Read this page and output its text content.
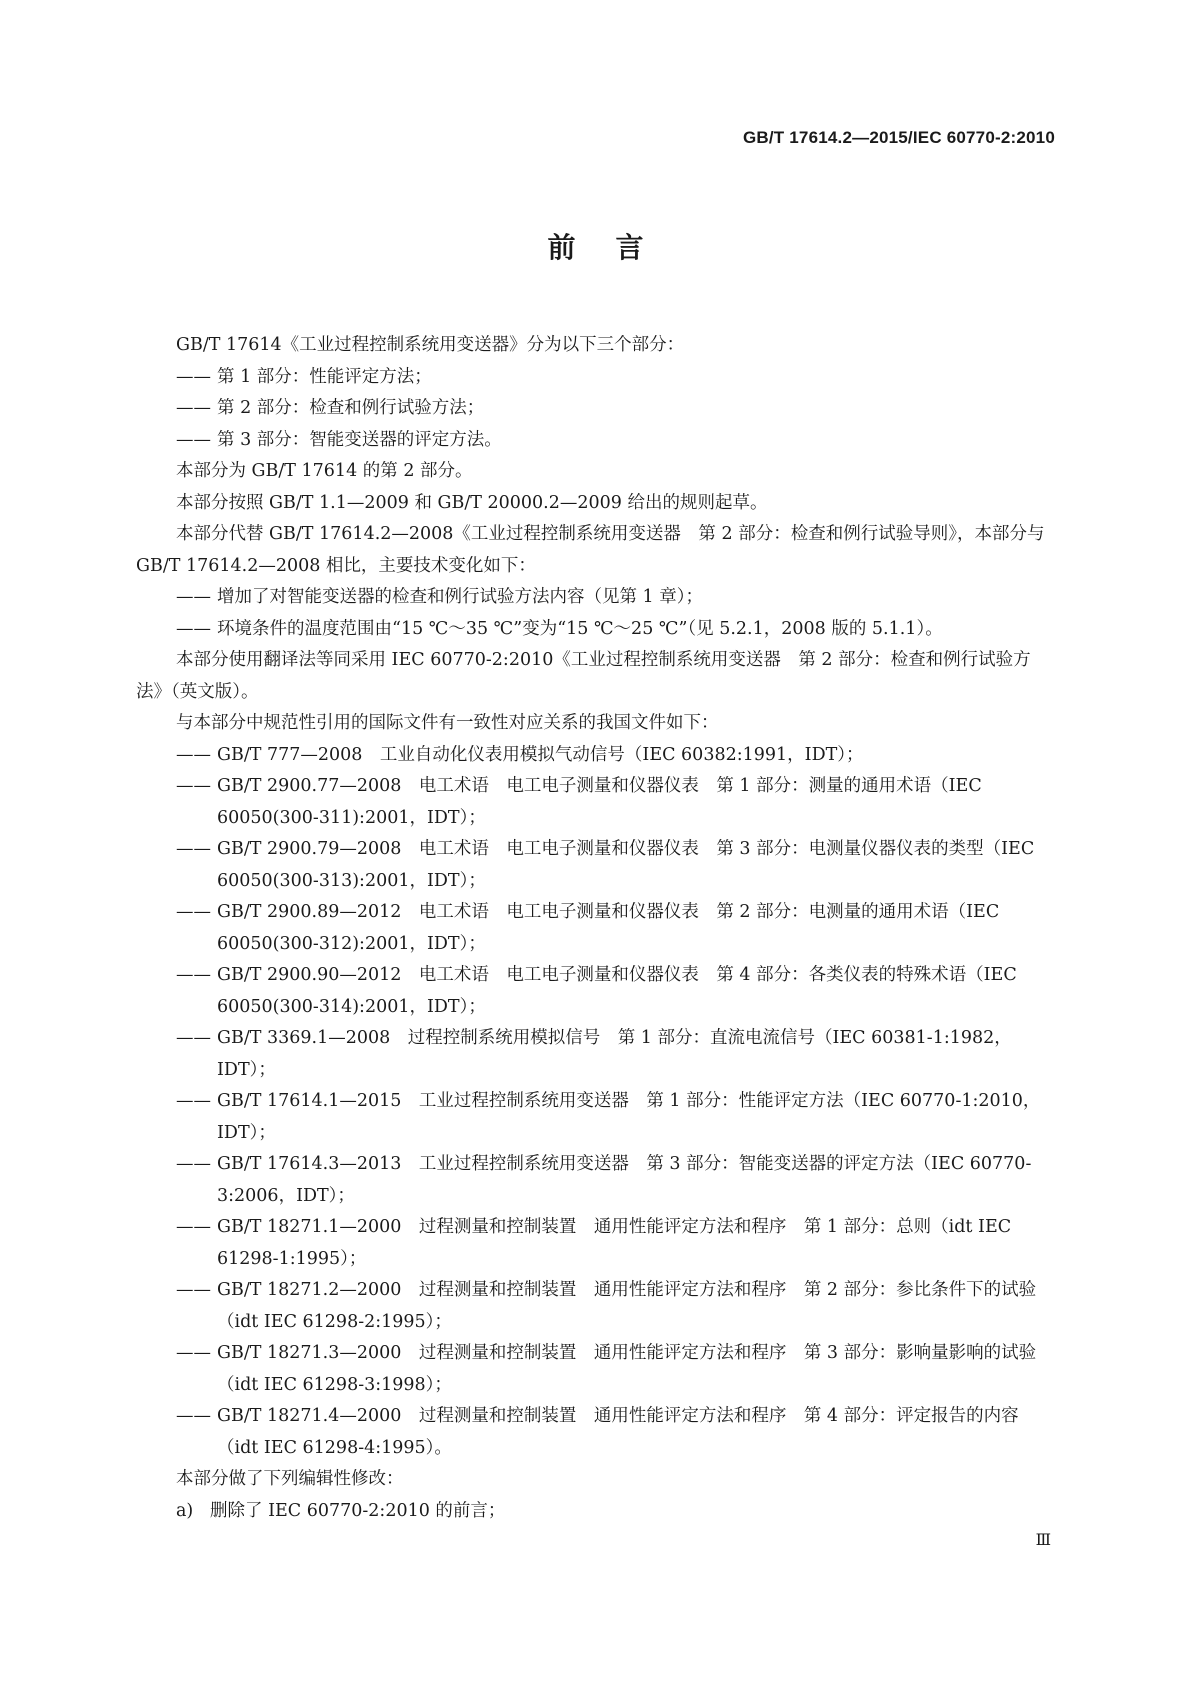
GB/T 17614.2—2015/IEC 60770-2:2010
前言

GB/T 17614《工业过程控制系统用变送器》分为以下三个部分：

—— 第 1 部分：性能评定方法；
—— 第 2 部分：检查和例行试验方法；
—— 第 3 部分：智能变送器的评定方法。

本部分为 GB/T 17614 的第 2 部分。

本部分按照 GB/T 1.1—2009 和 GB/T 20000.2—2009 给出的规则起草。

本部分代替 GB/T 17614.2—2008《工业过程控制系统用变送器　第 2 部分：检查和例行试验导则》，本部分与 GB/T 17614.2—2008 相比，主要技术变化如下：

—— 增加了对智能变送器的检查和例行试验方法内容（见第 1 章）；
—— 环境条件的温度范围由“15 ℃～35 ℃”变为“15 ℃～25 ℃”（见 5.2.1，2008 版的 5.1.1）。

本部分使用翻译法等同采用 IEC 60770-2:2010《工业过程控制系统用变送器　第 2 部分：检查和例行试验方法》（英文版）。

与本部分中规范性引用的国际文件有一致性对应关系的我国文件如下：

—— GB/T 777—2008　工业自动化仪表用模拟气动信号（IEC 60382:1991，IDT）；
—— GB/T 2900.77—2008　电工术语　电工电子测量和仪器仪表　第 1 部分：测量的通用术语（IEC 60050(300-311):2001，IDT）；
—— GB/T 2900.79—2008　电工术语　电工电子测量和仪器仪表　第 3 部分：电测量仪器仪表的类型（IEC 60050(300-313):2001，IDT）；
—— GB/T 2900.89—2012　电工术语　电工电子测量和仪器仪表　第 2 部分：电测量的通用术语（IEC 60050(300-312):2001，IDT）；
—— GB/T 2900.90—2012　电工术语　电工电子测量和仪器仪表　第 4 部分：各类仪表的特殊术语（IEC 60050(300-314):2001，IDT）；
—— GB/T 3369.1—2008　过程控制系统用模拟信号　第 1 部分：直流电流信号（IEC 60381-1:1982，IDT）；
—— GB/T 17614.1—2015　工业过程控制系统用变送器　第 1 部分：性能评定方法（IEC 60770-1:2010，IDT）；
—— GB/T 17614.3—2013　工业过程控制系统用变送器　第 3 部分：智能变送器的评定方法（IEC 60770-3:2006，IDT）；
—— GB/T 18271.1—2000　过程测量和控制装置　通用性能评定方法和程序　第 1 部分：总则（idt IEC 61298-1:1995）；
—— GB/T 18271.2—2000　过程测量和控制装置　通用性能评定方法和程序　第 2 部分：参比条件下的试验（idt IEC 61298-2:1995）；
—— GB/T 18271.3—2000　过程测量和控制装置　通用性能评定方法和程序　第 3 部分：影响量影响的试验（idt IEC 61298-3:1998）；
—— GB/T 18271.4—2000　过程测量和控制装置　通用性能评定方法和程序　第 4 部分：评定报告的内容（idt IEC 61298-4:1995）。

本部分做了下列编辑性修改：

a) 删除了 IEC 60770-2:2010 的前言；
Ⅲ
